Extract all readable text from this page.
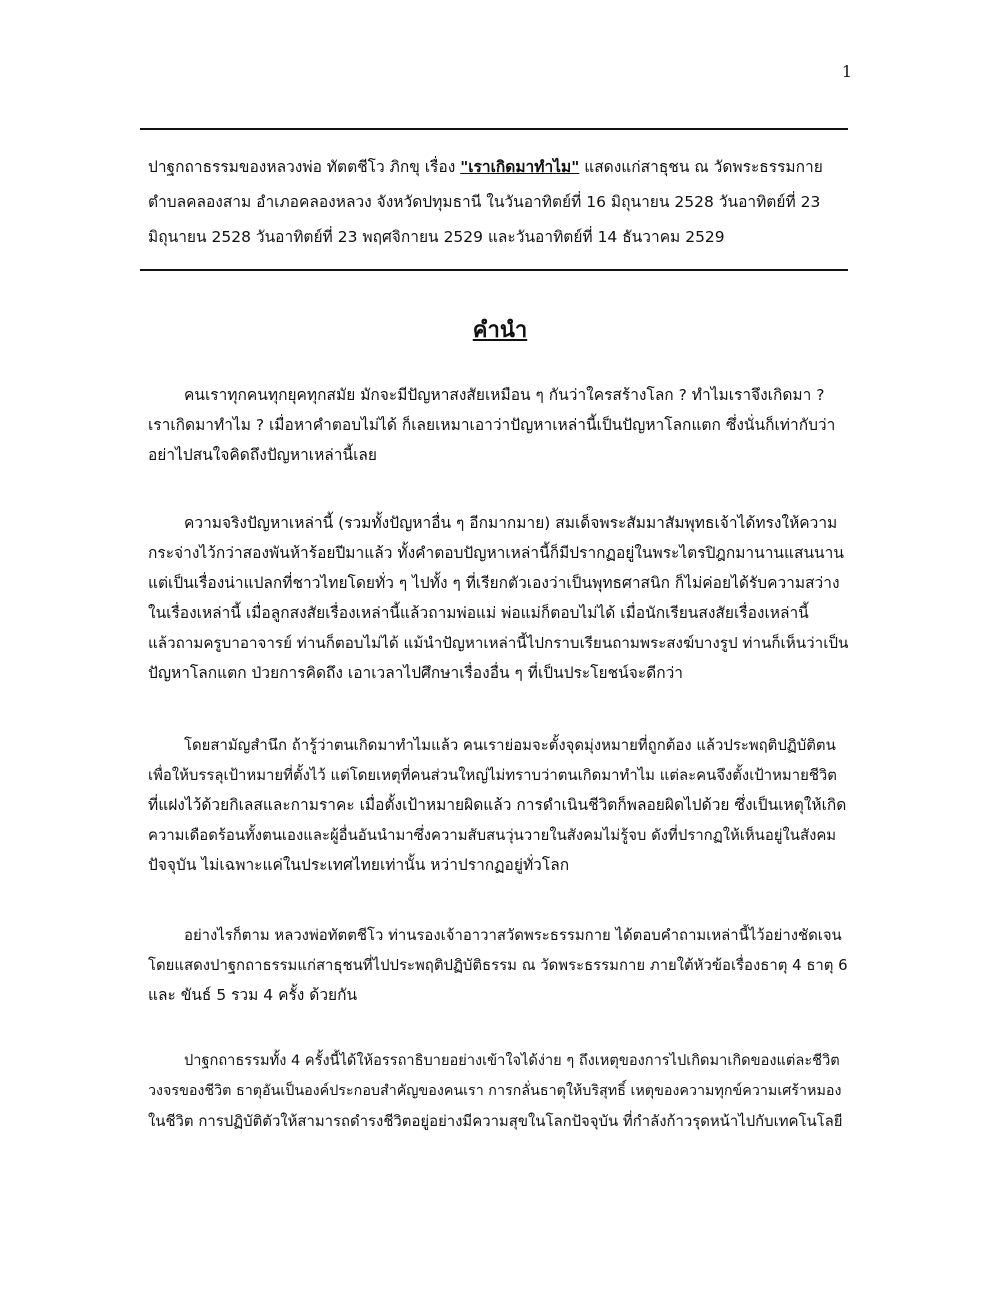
1
ปาฐกถาธรรมของหลวงพ่อ ทัตตชีโว ภิกขุ เรื่อง "เราเกิดมาทำไม" แสดงแก่สาธุชน ณ วัดพระธรรมกาย
ตำบลคลองสาม อำเภอคลองหลวง จังหวัดปทุมธานี ในวันอาทิตย์ที่ 16 มิถุนายน 2528 วันอาทิตย์ที่ 23
มิถุนายน 2528 วันอาทิตย์ที่ 23 พฤศจิกายน 2529 และวันอาทิตย์ที่ 14 ธันวาคม 2529
คำนำ
คนเราทุกคนทุกยุคทุกสมัย มักจะมีปัญหาสงสัยเหมือน ๆ กันว่าใครสร้างโลก ? ทำไมเราจึงเกิดมา ?
เราเกิดมาทำไม ? เมื่อหาคำตอบไม่ได้ ก็เลยเหมาเอาว่าปัญหาเหล่านี้เป็นปัญหาโลกแตก ซึ่งนั่นก็เท่ากับว่า
อย่าไปสนใจคิดถึงปัญหาเหล่านี้เลย
ความจริงปัญหาเหล่านี้ (รวมทั้งปัญหาอื่น ๆ อีกมากมาย) สมเด็จพระสัมมาสัมพุทธเจ้าได้ทรงให้ความ
กระจ่างไว้กว่าสองพันห้าร้อยปีมาแล้ว ทั้งคำตอบปัญหาเหล่านี้ก็มีปรากฏอยู่ในพระไตรปิฎกมานานแสนนาน
แต่เป็นเรื่องน่าแปลกที่ชาวไทยโดยทั่ว ๆ ไปทั้ง ๆ ที่เรียกตัวเองว่าเป็นพุทธศาสนิก ก็ไม่ค่อยได้รับความสว่าง
ในเรื่องเหล่านี้ เมื่อลูกสงสัยเรื่องเหล่านี้แล้วถามพ่อแม่ พ่อแม่ก็ตอบไม่ได้ เมื่อนักเรียนสงสัยเรื่องเหล่านี้
แล้วถามครูบาอาจารย์ ท่านก็ตอบไม่ได้ แม้นำปัญหาเหล่านี้ไปกราบเรียนถามพระสงฆ์บางรูป ท่านก็เห็นว่าเป็น
ปัญหาโลกแตก ป่วยการคิดถึง เอาเวลาไปศึกษาเรื่องอื่น ๆ ที่เป็นประโยชน์จะดีกว่า
โดยสามัญสำนึก ถ้ารู้ว่าตนเกิดมาทำไมแล้ว คนเราย่อมจะตั้งจุดมุ่งหมายที่ถูกต้อง แล้วประพฤติปฏิบัติตน
เพื่อให้บรรลุเป้าหมายที่ตั้งไว้ แต่โดยเหตุที่คนส่วนใหญ่ไม่ทราบว่าตนเกิดมาทำไม แต่ละคนจึงตั้งเป้าหมายชีวิต
ที่แฝงไว้ด้วยกิเลสและกามราคะ เมื่อตั้งเป้าหมายผิดแล้ว การดำเนินชีวิตก็พลอยผิดไปด้วย ซึ่งเป็นเหตุให้เกิด
ความเดือดร้อนทั้งตนเองและผู้อื่นอันนำมาซึ่งความสับสนวุ่นวายในสังคมไม่รู้จบ ดังที่ปรากฏให้เห็นอยู่ในสังคม
ปัจจุบัน ไม่เฉพาะแค่ในประเทศไทยเท่านั้น หว่าปรากฏอยู่ทั่วโลก
อย่างไรก็ตาม หลวงพ่อทัตตชีโว ท่านรองเจ้าอาวาสวัดพระธรรมกาย ได้ตอบคำถามเหล่านี้ไว้อย่างชัดเจน
โดยแสดงปาฐกถาธรรมแก่สาธุชนที่ไปประพฤติปฏิบัติธรรม ณ วัดพระธรรมกาย ภายใต้หัวข้อเรื่องธาตุ 4 ธาตุ 6
และ ขันธ์ 5 รวม 4 ครั้ง ด้วยกัน
ปาฐกถาธรรมทั้ง 4 ครั้งนี้ได้ให้อรรถาธิบายอย่างเข้าใจได้ง่าย ๆ ถึงเหตุของการไปเกิดมาเกิดของแต่ละชีวิต
วงจรของชีวิต ธาตุอันเป็นองค์ประกอบสำคัญของคนเรา การกลั่นธาตุให้บริสุทธิ์ เหตุของความทุกข์ความเศร้าหมอง
ในชีวิต การปฏิบัติตัวให้สามารถดำรงชีวิตอยู่อย่างมีความสุขในโลกปัจจุบัน ที่กำลังก้าวรุดหน้าไปกับเทคโนโลยี
